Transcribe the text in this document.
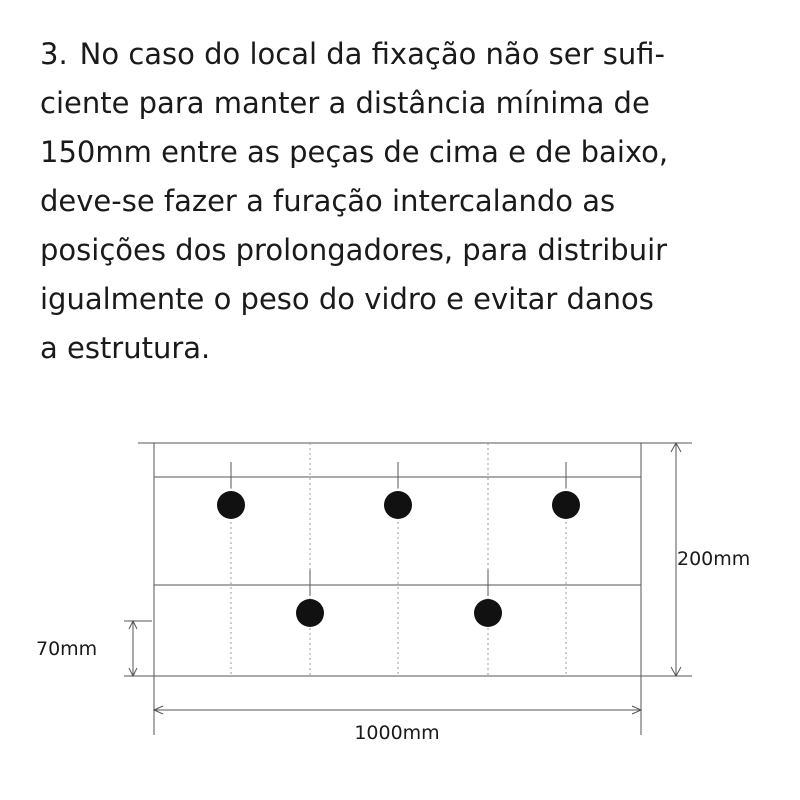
3. No caso do local da fixação não ser sufi-
ciente para manter a distância mínima de
150mm entre as peças de cima e de baixo,
deve-se fazer a furação intercalando as
posições dos prolongadores, para distribuir
igualmente o peso do vidro e evitar danos
a estrutura.
200mm
70mm
1000mm
